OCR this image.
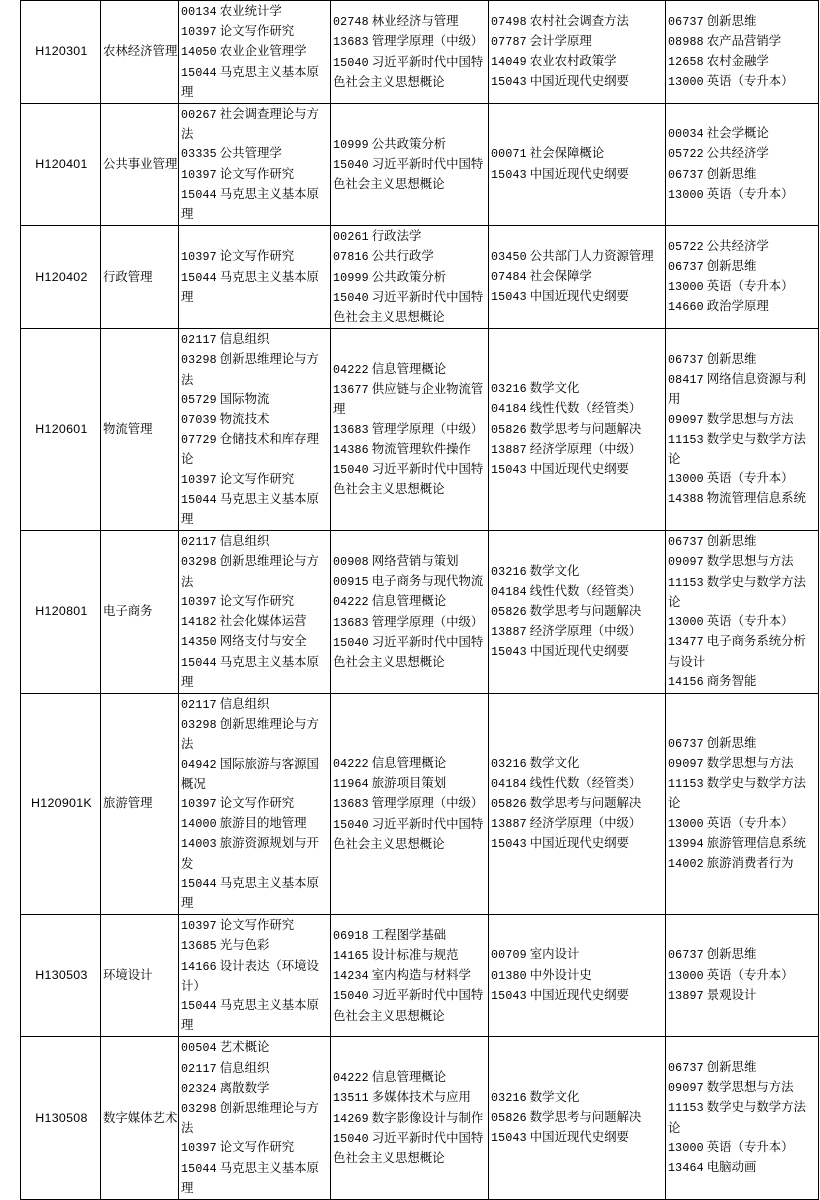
H120301	农林经济管理	
00134 农业统计学
10397 论文写作研究
14050 农业企业管理学
15044 马克思主义基本原理

02748 林业经济与管理
13683 管理学原理（中级）
15040 习近平新时代中国特色社会主义思想概论

07498 农村社会调查方法
07787 会计学原理
14049 农业农村政策学
15043 中国近现代史纲要

06737 创新思维
08988 农产品营销学
12658 农村金融学
13000 英语（专升本）

H120401	公共事业管理	
00267 社会调查理论与方法
03335 公共管理学
10397 论文写作研究
15044 马克思主义基本原理

10999 公共政策分析
15040 习近平新时代中国特色社会主义思想概论

00071 社会保障概论
15043 中国近现代史纲要

00034 社会学概论
05722 公共经济学
06737 创新思维
13000 英语（专升本）

H120402	行政管理	
10397 论文写作研究
15044 马克思主义基本原理

00261 行政法学
07816 公共行政学
10999 公共政策分析
15040 习近平新时代中国特色社会主义思想概论

03450 公共部门人力资源管理
07484 社会保障学
15043 中国近现代史纲要

05722 公共经济学
06737 创新思维
13000 英语（专升本）
14660 政治学原理

H120601	物流管理	
02117 信息组织
03298 创新思维理论与方法
05729 国际物流
07039 物流技术
07729 仓储技术和库存理论
10397 论文写作研究
15044 马克思主义基本原理

04222 信息管理概论
13677 供应链与企业物流管理
13683 管理学原理（中级）
14386 物流管理软件操作
15040 习近平新时代中国特色社会主义思想概论

03216 数学文化
04184 线性代数（经管类）
05826 数学思考与问题解决
13887 经济学原理（中级）
15043 中国近现代史纲要

06737 创新思维
08417 网络信息资源与利用
09097 数学思想与方法
11153 数学史与数学方法论
13000 英语（专升本）
14388 物流管理信息系统

H120801	电子商务	
02117 信息组织
03298 创新思维理论与方法
10397 论文写作研究
14182 社会化媒体运营
14350 网络支付与安全
15044 马克思主义基本原理

00908 网络营销与策划
00915 电子商务与现代物流
04222 信息管理概论
13683 管理学原理（中级）
15040 习近平新时代中国特色社会主义思想概论

03216 数学文化
04184 线性代数（经管类）
05826 数学思考与问题解决
13887 经济学原理（中级）
15043 中国近现代史纲要

06737 创新思维
09097 数学思想与方法
11153 数学史与数学方法论
13000 英语（专升本）
13477 电子商务系统分析与设计
14156 商务智能

H120901K	旅游管理	
02117 信息组织
03298 创新思维理论与方法
04942 国际旅游与客源国概况
10397 论文写作研究
14000 旅游目的地管理
14003 旅游资源规划与开发
15044 马克思主义基本原理

04222 信息管理概论
11964 旅游项目策划
13683 管理学原理（中级）
15040 习近平新时代中国特色社会主义思想概论

03216 数学文化
04184 线性代数（经管类）
05826 数学思考与问题解决
13887 经济学原理（中级）
15043 中国近现代史纲要

06737 创新思维
09097 数学思想与方法
11153 数学史与数学方法论
13000 英语（专升本）
13994 旅游管理信息系统
14002 旅游消费者行为

H130503	环境设计	
10397 论文写作研究
13685 光与色彩
14166 设计表达（环境设计）
15044 马克思主义基本原理

06918 工程图学基础
14165 设计标准与规范
14234 室内构造与材料学
15040 习近平新时代中国特色社会主义思想概论

00709 室内设计
01380 中外设计史
15043 中国近现代史纲要

06737 创新思维
13000 英语（专升本）
13897 景观设计

H130508	数字媒体艺术	
00504 艺术概论
02117 信息组织
02324 离散数学
03298 创新思维理论与方法
10397 论文写作研究
15044 马克思主义基本原理

04222 信息管理概论
13511 多媒体技术与应用
14269 数字影像设计与制作
15040 习近平新时代中国特色社会主义思想概论

03216 数学文化
05826 数学思考与问题解决
15043 中国近现代史纲要

06737 创新思维
09097 数学思想与方法
11153 数学史与数学方法论
13000 英语（专升本）
13464 电脑动画
